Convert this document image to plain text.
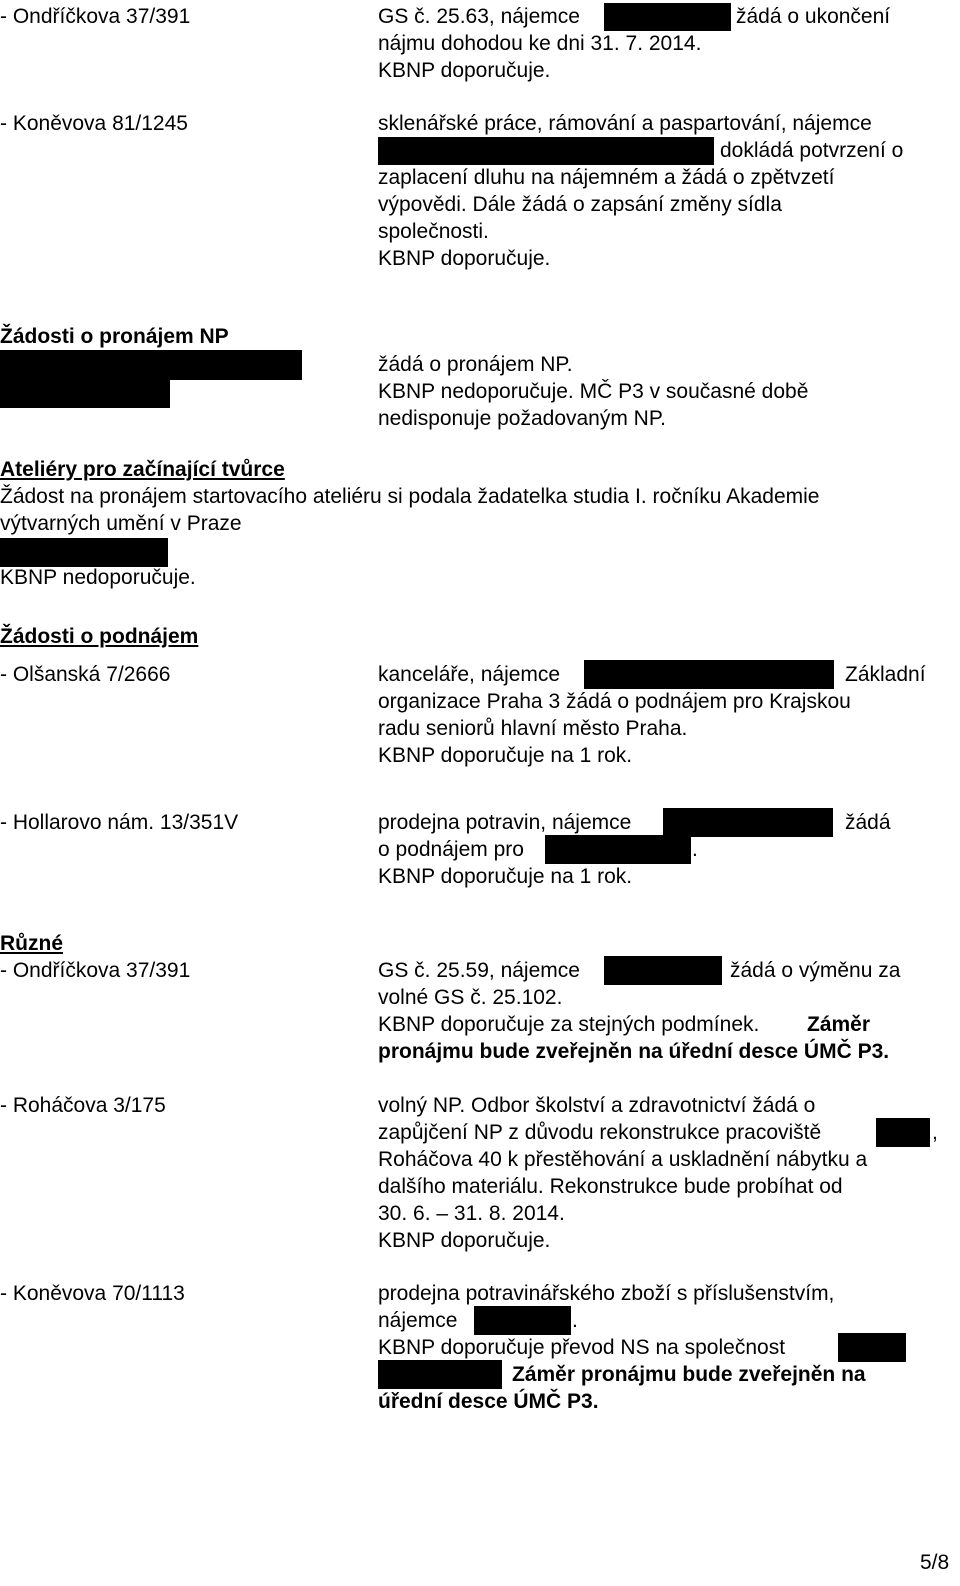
- Ondříčkova 37/391	GS č. 25.63, nájemce	žádá o ukončení
nájmu dohodou ke dni 31. 7. 2014.
KBNP doporučuje.
- Koněvova 81/1245	sklenářské práce, rámování a paspartování, nájemce
dokládá potvrzení o
zaplacení dluhu na nájemném a žádá o zpětvzetí
výpovědi. Dále žádá o zapsání změny sídla
společnosti.
KBNP doporučuje.
Žádosti o pronájem NP
žádá o pronájem NP.
KBNP nedoporučuje. MČ P3 v současné době
nedisponuje požadovaným NP.
Ateliéry pro začínající tvůrce
Žádost na pronájem startovacího ateliéru si podala žadatelka studia I. ročníku Akademie
výtvarných umění v Praze
KBNP nedoporučuje.
Žádosti o podnájem
- Olšanská 7/2666	kanceláře, nájemce	Základní
organizace Praha 3 žádá o podnájem pro Krajskou
radu seniorů hlavní město Praha.
KBNP doporučuje na 1 rok.
- Hollarovo nám. 13/351V	prodejna potravin, nájemce	žádá
o podnájem pro	.
KBNP doporučuje na 1 rok.
Různé
- Ondříčkova 37/391	GS č. 25.59, nájemce	žádá o výměnu za
volné GS č. 25.102.
KBNP doporučuje za stejných podmínek. Záměr
pronájmu bude zveřejněn na úřední desce ÚMČ P3.
- Roháčova 3/175	volný NP. Odbor školství a zdravotnictví žádá o
zapůjčení NP z důvodu rekonstrukce pracoviště	,
Roháčova 40 k přestěhování a uskladnění nábytku a
dalšího materiálu. Rekonstrukce bude probíhat od
30. 6. – 31. 8. 2014.
KBNP doporučuje.
- Koněvova 70/1113	prodejna potravinářského zboží s příslušenstvím,
nájemce	.
KBNP doporučuje převod NS na společnost
Záměr pronájmu bude zveřejněn na
úřední desce ÚMČ P3.
5/8
